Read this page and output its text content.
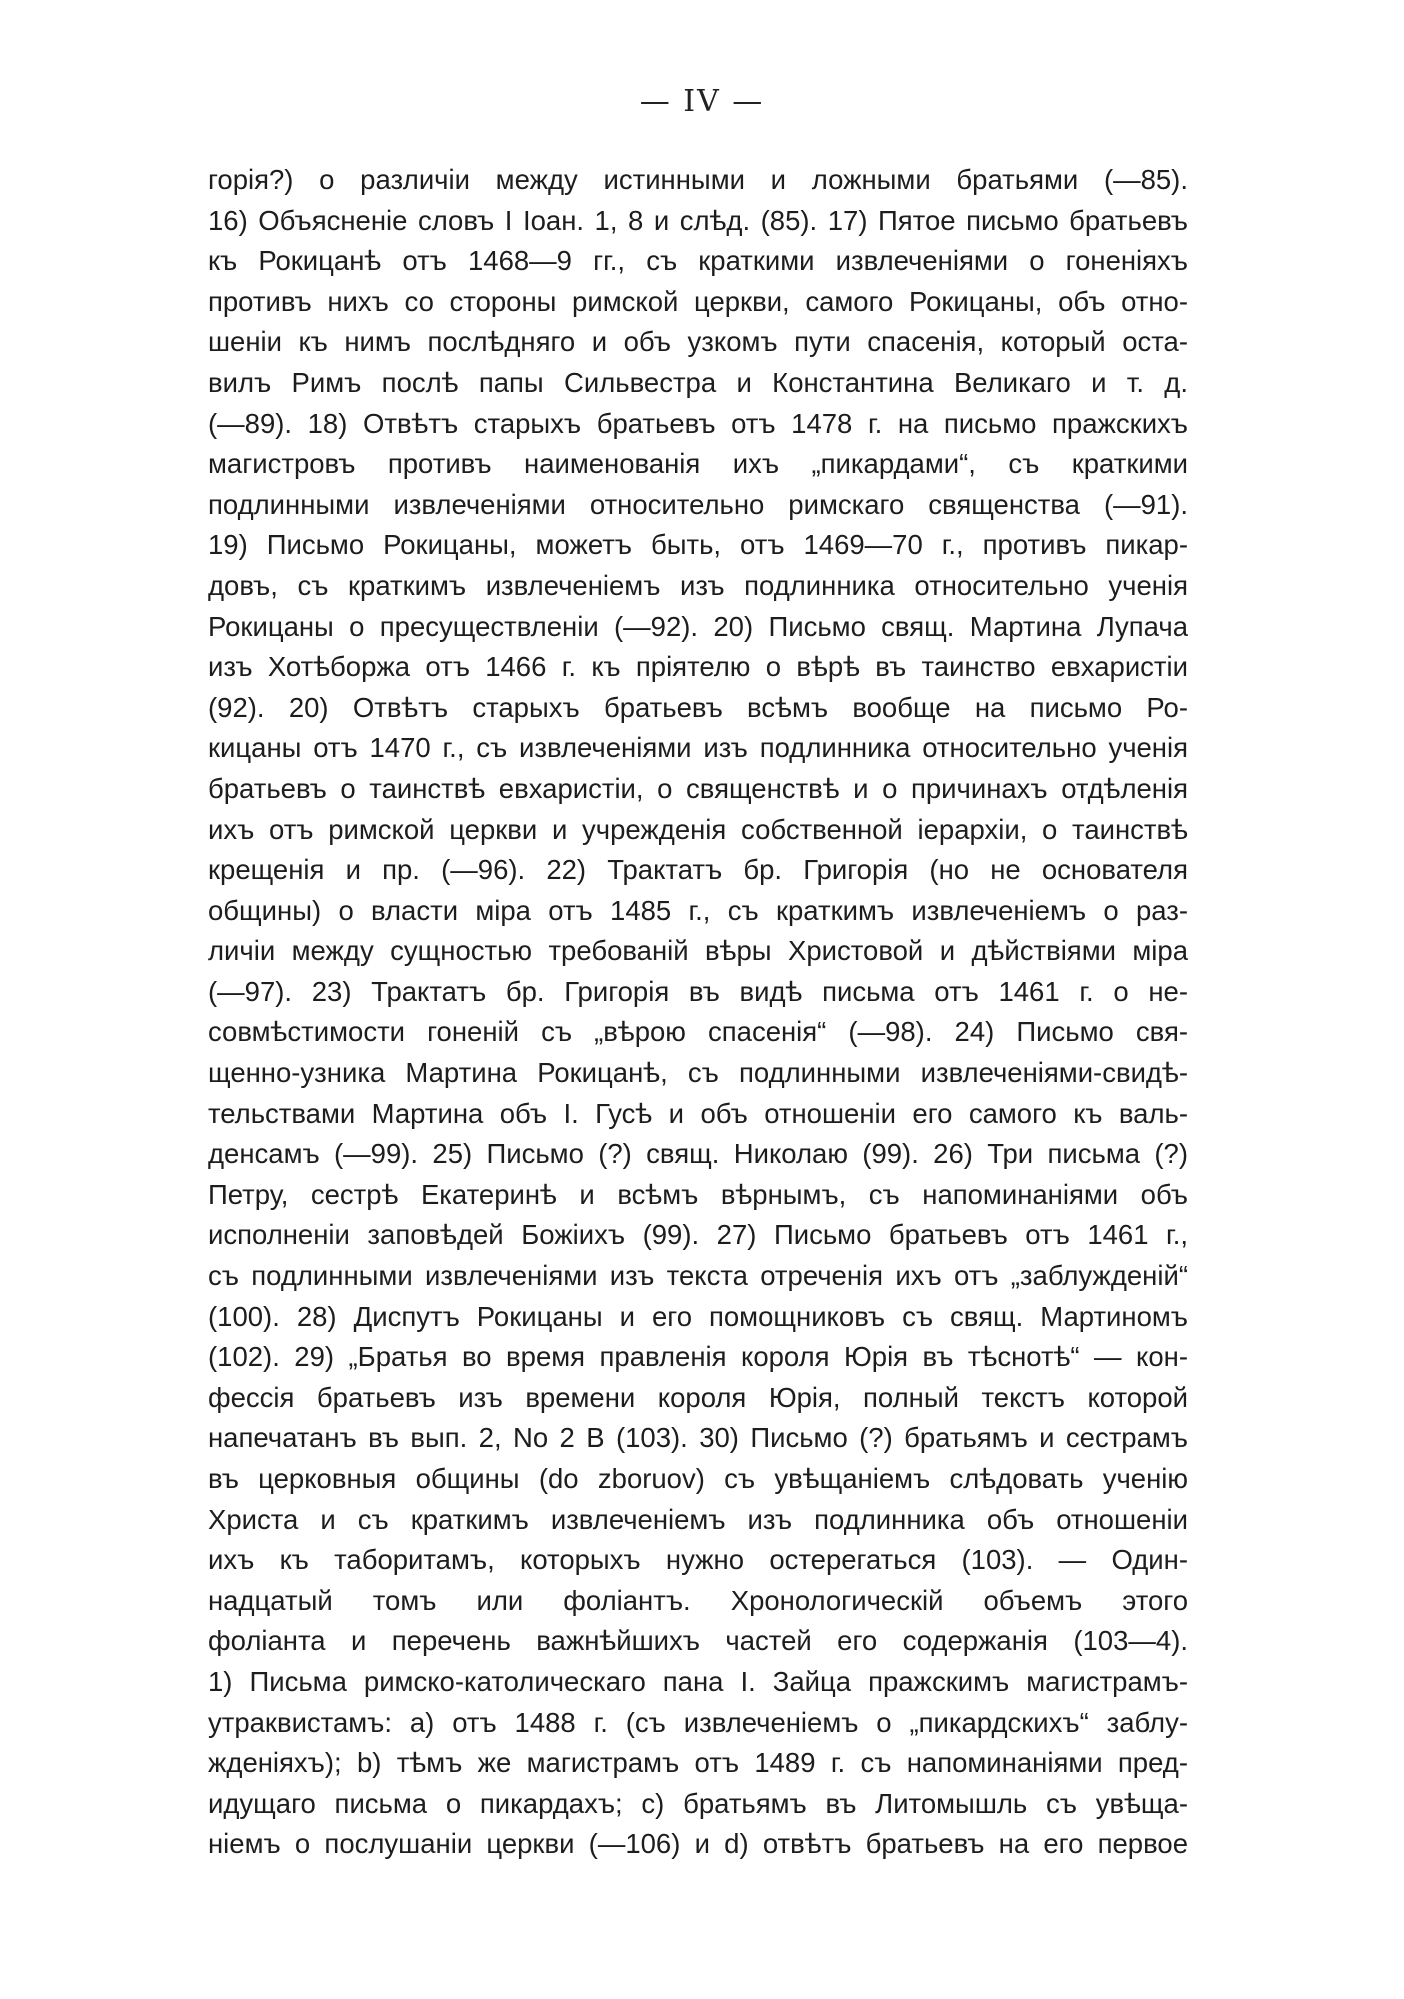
— IV —
горія?) о различіи между истинными и ложными братьями (—85).
16) Объясненіе словъ I Іоан. 1, 8 и слѣд. (85). 17) Пятое письмо братьевъ
къ Рокицанѣ отъ 1468—9 гг., съ краткими извлеченіями о гоненіяхъ
противъ нихъ со стороны римской церкви, самого Рокицаны, объ отно-
шеніи къ нимъ послѣдняго и объ узкомъ пути спасенія, который оста-
вилъ Римъ послѣ папы Сильвестра и Константина Великаго и т. д.
(—89). 18) Отвѣтъ старыхъ братьевъ отъ 1478 г. на письмо пражскихъ
магистровъ противъ наименованія ихъ „пикардами“, съ краткими
подлинными извлеченіями относительно римскаго священства (—91).
19) Письмо Рокицаны, можетъ быть, отъ 1469—70 г., противъ пикар-
довъ, съ краткимъ извлеченіемъ изъ подлинника относительно ученія
Рокицаны о пресуществленіи (—92). 20) Письмо свящ. Мартина Лупача
изъ Хотѣборжа отъ 1466 г. къ пріятелю о вѣрѣ въ таинство евхаристіи
(92). 20) Отвѣтъ старыхъ братьевъ всѣмъ вообще на письмо Ро-
кицаны отъ 1470 г., съ извлеченіями изъ подлинника относительно ученія
братьевъ о таинствѣ евхаристіи, о священствѣ и о причинахъ отдѣленія
ихъ отъ римской церкви и учрежденія собственной іерархіи, о таинствѣ
крещенія и пр. (—96). 22) Трактатъ бр. Григорія (но не основателя
общины) о власти міра отъ 1485 г., съ краткимъ извлеченіемъ о раз-
личіи между сущностью требованій вѣры Христовой и дѣйствіями міра
(—97). 23) Трактатъ бр. Григорія въ видѣ письма отъ 1461 г. о не-
совмѣстимости гоненій съ „вѣрою спасенія“ (—98). 24) Письмо свя-
щенно-узника Мартина Рокицанѣ, съ подлинными извлеченіями-свидѣ-
тельствами Мартина объ I. Гусѣ и объ отношеніи его самого къ валь-
денсамъ (—99). 25) Письмо (?) свящ. Николаю (99). 26) Три письма (?)
Петру, сестрѣ Екатеринѣ и всѣмъ вѣрнымъ, съ напоминаніями объ
исполненіи заповѣдей Божіихъ (99). 27) Письмо братьевъ отъ 1461 г.,
съ подлинными извлеченіями изъ текста отреченія ихъ отъ „заблужденій“
(100). 28) Диспутъ Рокицаны и его помощниковъ съ свящ. Мартиномъ
(102). 29) „Братья во время правленія короля Юрія въ тѣснотѣ“ — кон-
фессія братьевъ изъ времени короля Юрія, полный текстъ которой
напечатанъ въ вып. 2, No 2 B (103). 30) Письмо (?) братьямъ и сестрамъ
въ церковныя общины (do zboruov) съ увѣщаніемъ слѣдовать ученію
Христа и съ краткимъ извлеченіемъ изъ подлинника объ отношеніи
ихъ къ таборитамъ, которыхъ нужно остерегаться (103). — Один-
надцатый томъ или фоліантъ. Хронологическій объемъ этого
фоліанта и перечень важнѣйшихъ частей его содержанія (103—4).
1) Письма римско-католическаго пана I. Зайца пражскимъ магистрамъ-
утраквистамъ: a) отъ 1488 г. (съ извлеченіемъ о „пикардскихъ“ заблу-
жденіяхъ); b) тѣмъ же магистрамъ отъ 1489 г. съ напоминаніями пред-
идущаго письма о пикардахъ; c) братьямъ въ Литомышль съ увѣща-
ніемъ о послушаніи церкви (—106) и d) отвѣтъ братьевъ на его первое
